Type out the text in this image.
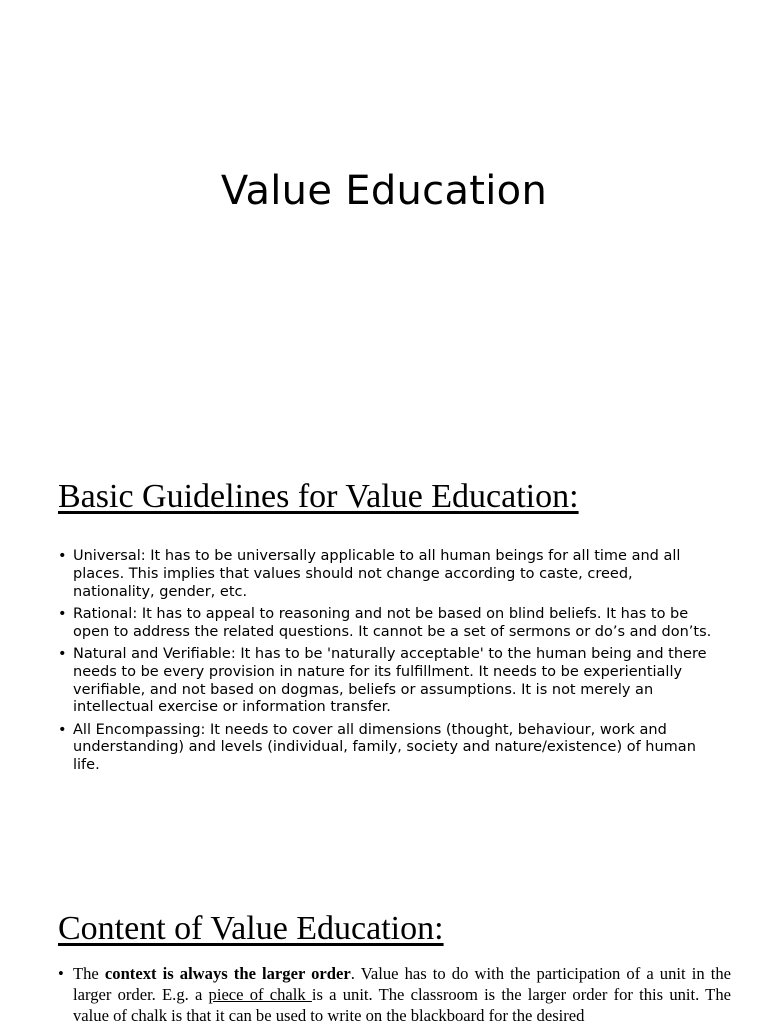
Value Education
Basic Guidelines for Value Education:
• Universal: It has to be universally applicable to all human beings for all time and all places. This implies that values should not change according to caste, creed, nationality, gender, etc.
• Rational: It has to appeal to reasoning and not be based on blind beliefs. It has to be open to address the related questions. It cannot be a set of sermons or do’s and don’ts.
• Natural and Verifiable: It has to be 'naturally acceptable' to the human being and there needs to be every provision in nature for its fulfillment. It needs to be experientially verifiable, and not based on dogmas, beliefs or assumptions. It is not merely an intellectual exercise or information transfer.
• All Encompassing: It needs to cover all dimensions (thought, behaviour, work and understanding) and levels (individual, family, society and nature/existence) of human life.
Content of Value Education:
• The context is always the larger order. Value has to do with the participation of a unit in the larger order. E.g. a piece of chalk is a unit. The classroom is the larger order for this unit. The value of chalk is that it can be used to write on the blackboard for the desired
